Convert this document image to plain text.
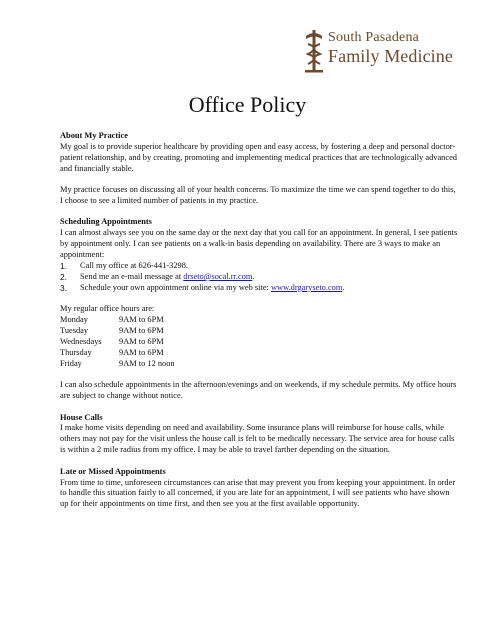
South Pasadena
Family Medicine
Office Policy
About My Practice

My goal is to provide superior healthcare by providing open and easy access, by fostering a deep and personal doctor-patient relationship, and by creating, promoting and implementing medical practices that are technologically advanced and financially stable.

My practice focuses on discussing all of your health concerns. To maximize the time we can spend together to do this, I choose to see a limited number of patients in my practice.

Scheduling Appointments

I can almost always see you on the same day or the next day that you call for an appointment. In general, I see patients by appointment only. I can see patients on a walk-in basis depending on availability. There are 3 ways to make an appointment:

1.	Call my office at 626-441-3298.
2.	Send me an e-mail message at drseto@socal.rr.com.
3.	Schedule your own appointment online via my web site: www.drgaryseto.com.

My regular office hours are:

Monday	9AM to 6PM
Tuesday	9AM to 6PM
Wednesdays	9AM to 6PM
Thursday	9AM to 6PM
Friday	9AM to 12 noon

I can also schedule appointments in the afternoon/evenings and on weekends, if my schedule permits. My office hours are subject to change without notice.

House Calls

I make home visits depending on need and availability. Some insurance plans will reimburse for house calls, while others may not pay for the visit unless the house call is felt to be medically necessary. The service area for house calls is within a 2 mile radius from my office. I may be able to travel farther depending on the situation.

Late or Missed Appointments

From time to time, unforeseen circumstances can arise that may prevent you from keeping your appointment. In order to handle this situation fairly to all concerned, if you are late for an appointment, I will see patients who have shown up for their appointments on time first, and then see you at the first available opportunity.
